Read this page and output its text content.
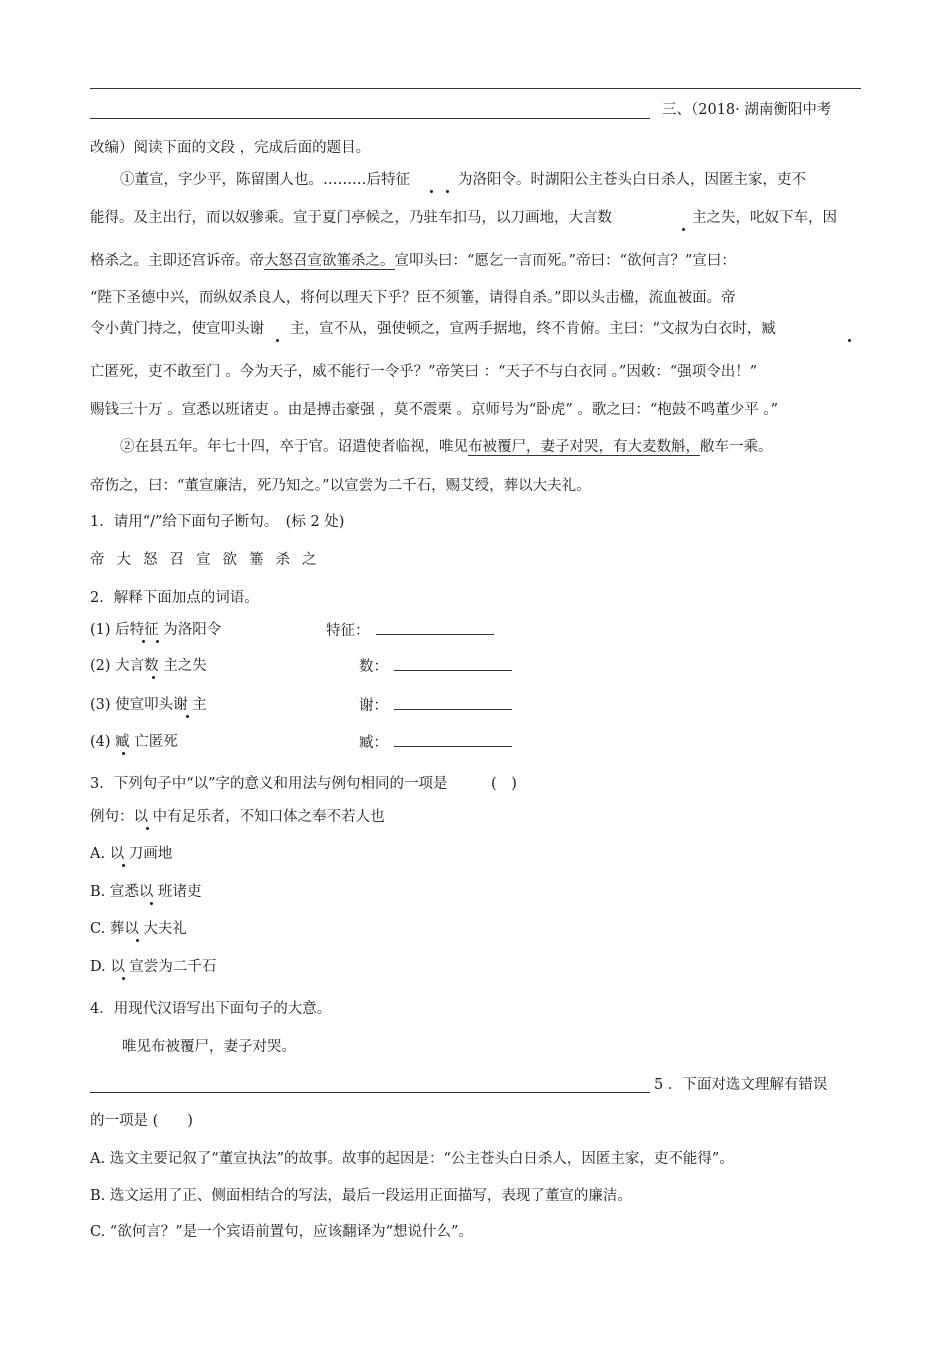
三、（2018· 湖南衡阳中考
改编）阅读下面的文段 ，完成后面的题目。
①董宣，字少平，陈留圉人也。………后特征	为洛阳令。时湖阳公主苍头白日杀人，因匿主家，吏不
能得。及主出行，而以奴骖乘。宣于夏门亭候之，乃驻车扣马，以刀画地，大言数	主之失，叱奴下车，因
格杀之。主即还宫诉帝。帝大怒召宣欲箠杀之。宣叩头曰：“愿乞一言而死。”帝曰：“欲何言？”宣曰：
“陛下圣德中兴，而纵奴杀良人，将何以理天下乎？臣不须箠，请得自杀。”即以头击楹，流血被面。帝
令小黄门持之，使宣叩头谢 主，宣不从，强使顿之，宣两手据地，终不肯俯。主曰：“文叔为白衣时，臧
亡匿死，吏不敢至门 。今为天子，威不能行一令乎？”帝笑曰 ：“天子不与白衣同 。”因敕：“强项令出！”
赐钱三十万 。宣悉以班诸吏 。由是搏击豪强 ，莫不震栗 。京师号为“卧虎” 。歌之曰：“枹鼓不鸣董少平 。”
②在县五年。年七十四，卒于官。诏遣使者临视，唯见布被覆尸，妻子对哭，有大麦数斛，敝车一乘。
帝伤之，曰：“董宣廉洁，死乃知之。”以宣尝为二千石，赐艾绶，葬以大夫礼。
1．请用“/”给下面句子断句。　(标 2 处)
帝大怒召宣欲箠杀之
2．解释下面加点的词语。
(1) 后特征 为洛阳令	特征：
(2) 大言数 主之失	数：
(3) 使宣叩头谢 主	谢：
(4) 臧 亡匿死	臧：
3．下列句子中“以”字的意义和用法与例句相同的一项是　　　(　)
例句：以 中有足乐者，不知口体之奉不若人也
A. 以 刀画地
B. 宣悉以 班诸吏
C. 葬以 大夫礼
D. 以 宣尝为二千石
4．用现代汉语写出下面句子的大意。
唯见布被覆尸，妻子对哭。
5 ．下面对选文理解有错误
的一项是 (　　)
A. 选文主要记叙了“董宣执法”的故事。故事的起因是：“公主苍头白日杀人，因匿主家，吏不能得”。
B. 选文运用了正、侧面相结合的写法，最后一段运用正面描写，表现了董宣的廉洁。
C. “欲何言？”是一个宾语前置句，应该翻译为“想说什么”。
